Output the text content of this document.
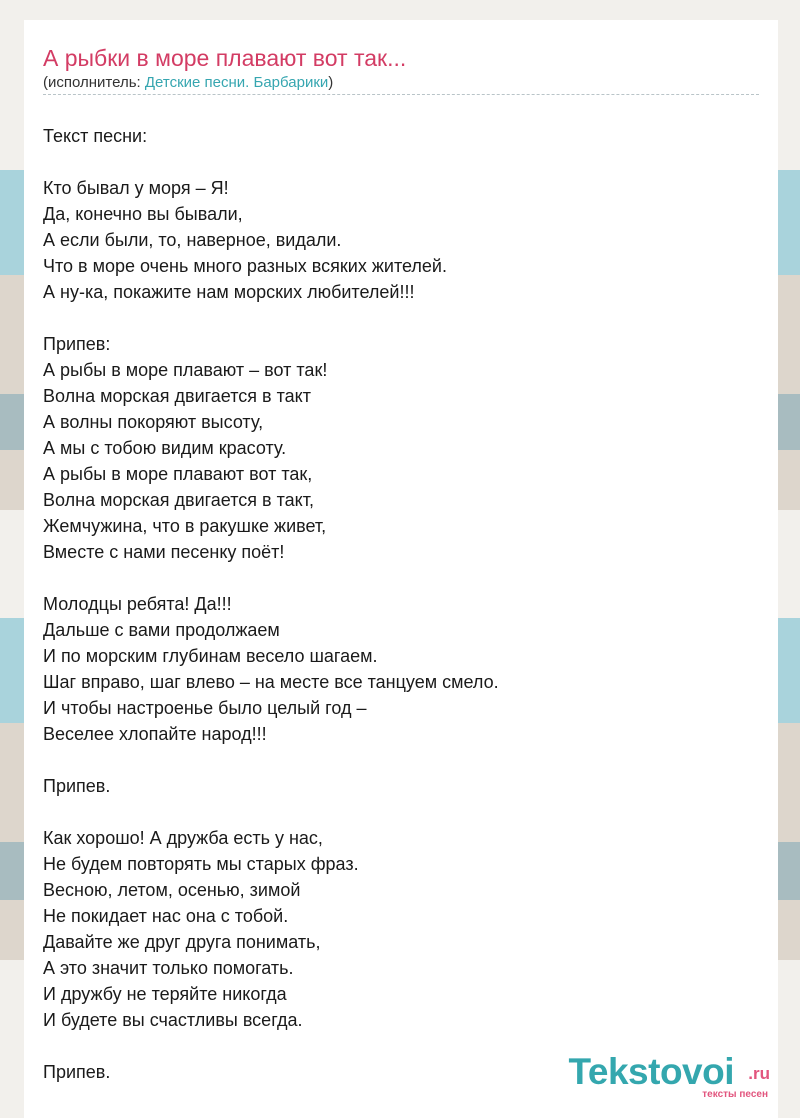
А рыбки в море плавают вот так...
(исполнитель: Детские песни. Барбарики)
Текст песни:
Кто бывал у моря – Я!
Да, конечно вы бывали,
А если были, то, наверное, видали.
Что в море очень много разных всяких жителей.
А ну-ка, покажите нам морских любителей!!!
Припев:
А рыбы в море плавают – вот так!
Волна морская двигается в такт
А волны покоряют высоту,
А мы с тобою видим красоту.
А рыбы в море плавают вот так,
Волна морская двигается в такт,
Жемчужина, что в ракушке живет,
Вместе с нами песенку поёт!
Молодцы ребята! Да!!!
Дальше с вами продолжаем
И по морским глубинам весело шагаем.
Шаг вправо, шаг влево – на месте все танцуем смело.
И чтобы настроенье было целый год –
Веселее хлопайте народ!!!
Припев.
Как хорошо! А дружба есть у нас,
Не будем повторять мы старых фраз.
Весною, летом, осенью, зимой
Не покидает нас она с тобой.
Давайте же друг друга понимать,
А это значит только помогать.
И дружбу не теряйте никогда
И будете вы счастливы всегда.
Припев.	Tekstovoi .ru
тексты песен
